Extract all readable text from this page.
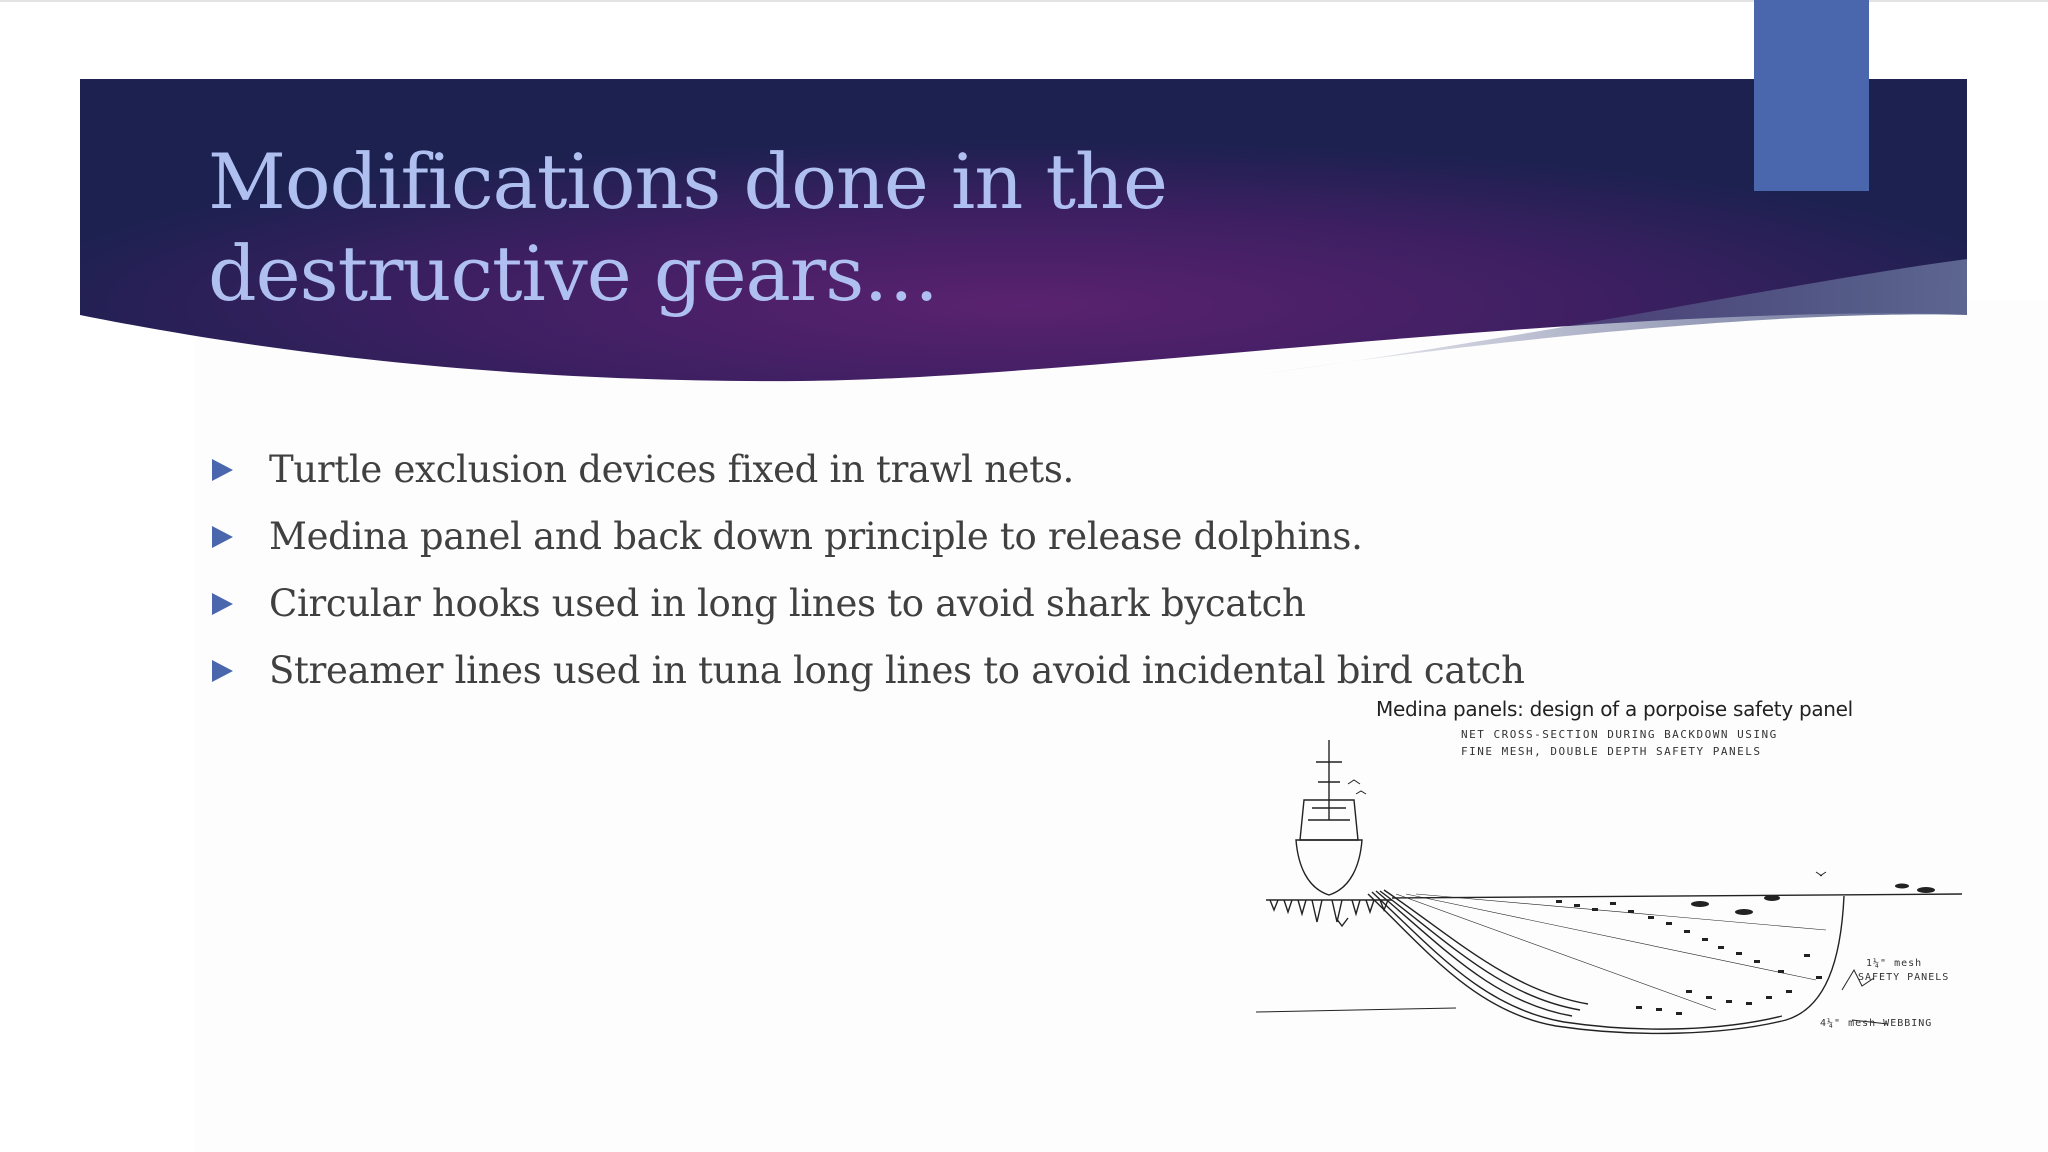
Modifications done in the destructive gears…
Turtle exclusion devices fixed in trawl nets.
Medina panel and back down principle to release dolphins.
Circular hooks used in long lines to avoid shark bycatch
Streamer lines used in tuna long lines to avoid incidental bird catch
Medina panels: design of a porpoise safety panel
NET CROSS-SECTION DURING BACKDOWN USING
FINE MESH, DOUBLE DEPTH SAFETY PANELS
1¼" mesh
SAFETY PANELS
4¼" mesh WEBBING
